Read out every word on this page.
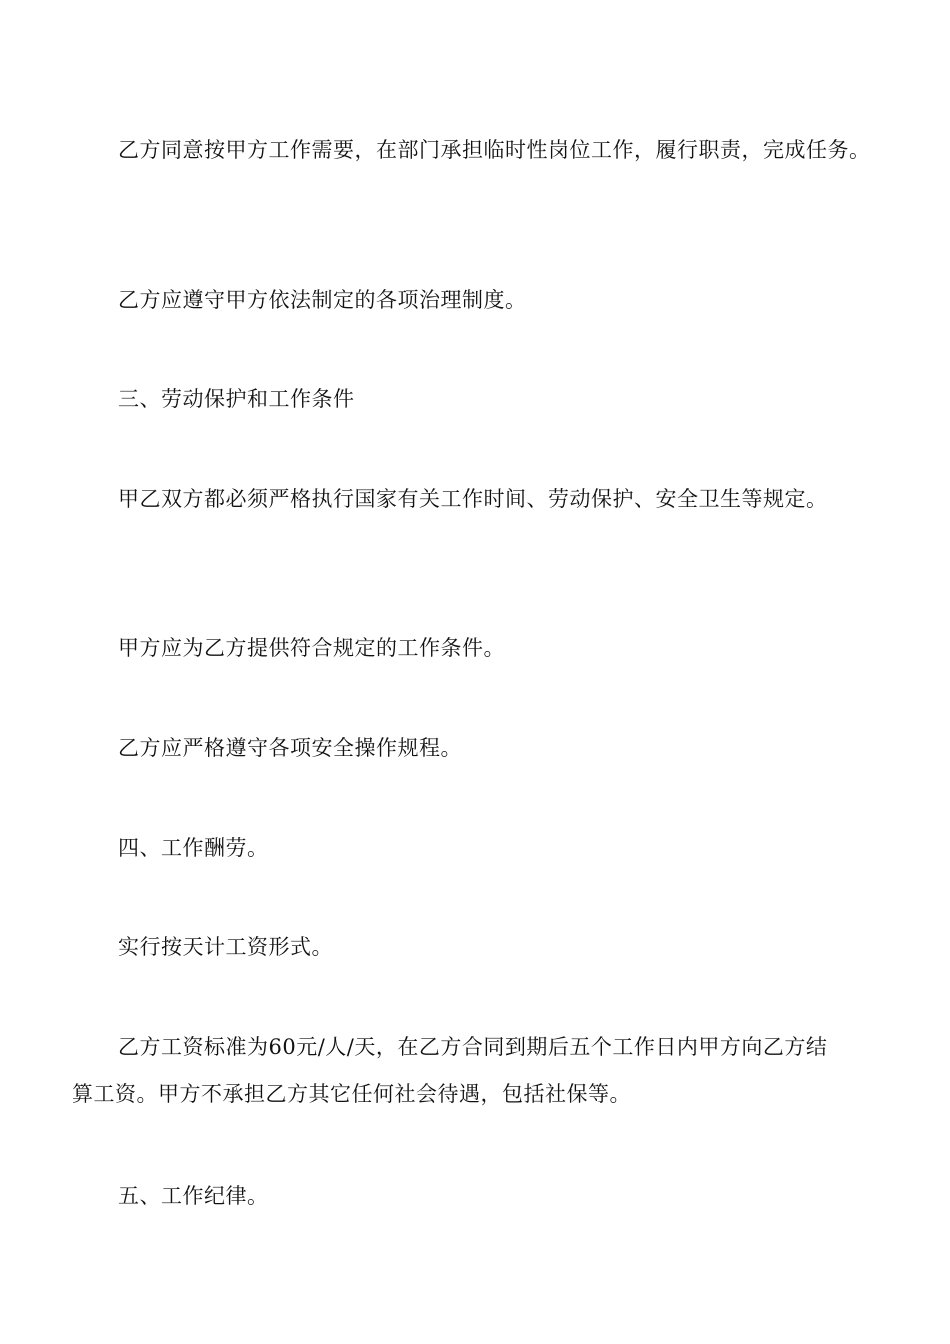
乙方同意按甲方工作需要，在部门承担临时性岗位工作，履行职责，完成任务。

乙方应遵守甲方依法制定的各项治理制度。

三、劳动保护和工作条件

甲乙双方都必须严格执行国家有关工作时间、劳动保护、安全卫生等规定。

甲方应为乙方提供符合规定的工作条件。

乙方应严格遵守各项安全操作规程。

四、工作酬劳。

实行按天计工资形式。

乙方工资标准为60元/人/天，在乙方合同到期后五个工作日内甲方向乙方结
算工资。甲方不承担乙方其它任何社会待遇，包括社保等。

五、工作纪律。
